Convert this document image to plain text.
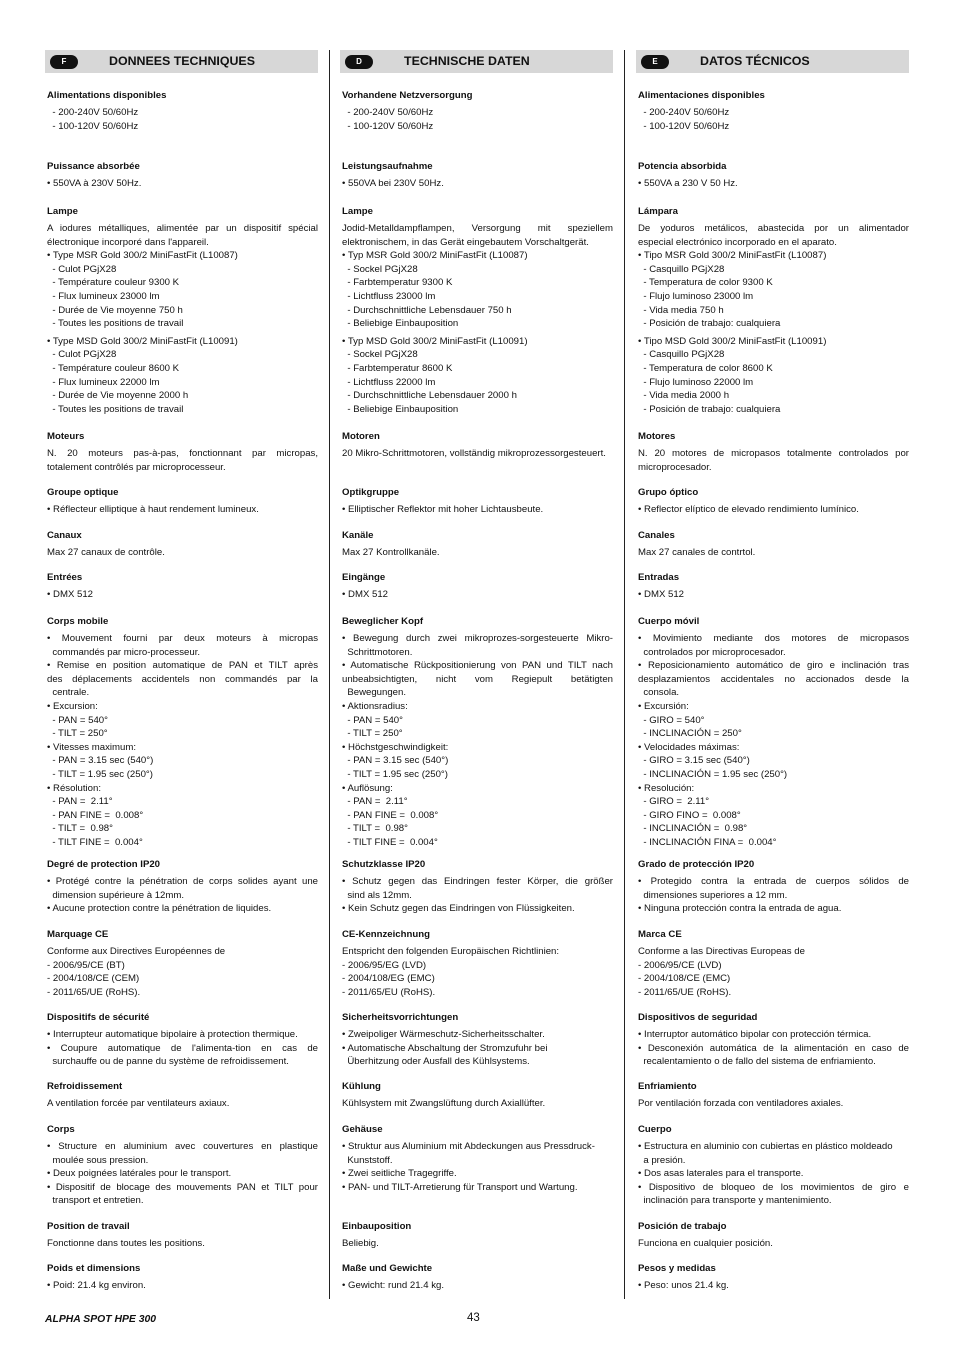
F	DONNEES TECHNIQUES
Alimentations disponibles
- 200-240V 50/60Hz
- 100-120V 50/60Hz
Puissance absorbée
• 550VA à 230V 50Hz.
Lampe
A iodures métalliques, alimentée par un dispositif spécial
électronique incorporé dans l'appareil.
• Type MSR Gold 300/2 MiniFastFit (L10087)
- Culot PGjX28
- Température couleur 9300 K
- Flux lumineux 23000 lm
- Durée de Vie moyenne 750 h
- Toutes les positions de travail
• Type MSD Gold 300/2 MiniFastFit (L10091)
- Culot PGjX28
- Température couleur 8600 K
- Flux lumineux 22000 lm
- Durée de Vie moyenne 2000 h
- Toutes les positions de travail
Moteurs
N. 20 moteurs pas-à-pas, fonctionnant par micropas,
totalement contrôlés par microprocesseur.
Groupe optique
• Réflecteur elliptique à haut rendement lumineux.
Canaux
Max 27 canaux de contrôle.
Entrées
• DMX 512
Corps mobile
• Mouvement fourni par deux moteurs à micropas
commandés par micro-processeur.
• Remise en position automatique de PAN et TILT après
des déplacements accidentels non commandés par la
centrale.
• Excursion:
- PAN = 540°
- TILT = 250°
• Vitesses maximum:
- PAN = 3.15 sec (540°)
- TILT = 1.95 sec (250°)
• Résolution:
- PAN =  2.11°
- PAN FINE =  0.008°
- TILT =  0.98°
- TILT FINE =  0.004°
Degré de protection IP20
• Protégé contre la pénétration de corps solides ayant une
dimension supérieure à 12mm.
• Aucune protection contre la pénétration de liquides.
Marquage CE
Conforme aux Directives Européennes de
- 2006/95/CE (BT)
- 2004/108/CE (CEM)
- 2011/65/UE (RoHS).
Dispositifs de sécurité
• Interrupteur automatique bipolaire à protection thermique.
• Coupure automatique de l'alimenta-tion en cas de
surchauffe ou de panne du système de refroidissement.
Refroidissement
A ventilation forcée par ventilateurs axiaux.
Corps
• Structure en aluminium avec couvertures en plastique
moulée sous pression.
• Deux poignées latérales pour le transport.
• Dispositif de blocage des mouvements PAN et TILT pour
transport et entretien.
Position de travail
Fonctionne dans toutes les positions.
Poids et dimensions
• Poid: 21.4 kg environ.
D	TECHNISCHE DATEN
Vorhandene Netzversorgung
- 200-240V 50/60Hz
- 100-120V 50/60Hz
Leistungsaufnahme
• 550VA bei 230V 50Hz.
Lampe
Jodid-Metalldampflampen, Versorgung mit speziellem
elektronischem, in das Gerät eingebautem Vorschaltgerät.
• Typ MSR Gold 300/2 MiniFastFit (L10087)
- Sockel PGjX28
- Farbtemperatur 9300 K
- Lichtfluss 23000 lm
- Durchschnittliche Lebensdauer 750 h
- Beliebige Einbauposition
• Typ MSD Gold 300/2 MiniFastFit (L10091)
- Sockel PGjX28
- Farbtemperatur 8600 K
- Lichtfluss 22000 lm
- Durchschnittliche Lebensdauer 2000 h
- Beliebige Einbauposition
Motoren
20 Mikro-Schrittmotoren, vollständig mikroprozessorgesteuert.
Optikgruppe
• Elliptischer Reflektor mit hoher Lichtausbeute.
Kanäle
Max 27 Kontrollkanäle.
Eingänge
• DMX 512
Beweglicher Kopf
• Bewegung durch zwei mikroprozes-sorgesteuerte Mikro-
Schrittmotoren.
• Automatische Rückpositionierung von PAN und TILT nach
unbeabsichtigten, nicht vom Regiepult betätigten
Bewegungen.
• Aktionsradius:
- PAN = 540°
- TILT = 250°
• Höchstgeschwindigkeit:
- PAN = 3.15 sec (540°)
- TILT = 1.95 sec (250°)
• Auflösung:
- PAN =  2.11°
- PAN FINE =  0.008°
- TILT =  0.98°
- TILT FINE =  0.004°
Schutzklasse IP20
• Schutz gegen das Eindringen fester Körper, die größer
sind als 12mm.
• Kein Schutz gegen das Eindringen von Flüssigkeiten.
CE-Kennzeichnung
Entspricht den folgenden Europäischen Richtlinien:
- 2006/95/EG (LVD)
- 2004/108/EG (EMC)
- 2011/65/EU (RoHS).
Sicherheitsvorrichtungen
• Zweipoliger Wärmeschutz-Sicherheitsschalter.
• Automatische Abschaltung der Stromzufuhr bei
Überhitzung oder Ausfall des Kühlsystems.
Kühlung
Kühlsystem mit Zwangslüftung durch Axiallüfter.
Gehäuse
• Struktur aus Aluminium mit Abdeckungen aus Pressdruck-
Kunststoff.
• Zwei seitliche Tragegriffe.
• PAN- und TILT-Arretierung für Transport und Wartung.
Einbauposition
Beliebig.
Maße und Gewichte
• Gewicht: rund 21.4 kg.
E	DATOS TÉCNICOS
Alimentaciones disponibles
- 200-240V 50/60Hz
- 100-120V 50/60Hz
Potencia absorbida
• 550VA a 230 V 50 Hz.
Lámpara
De yoduros metálicos, abastecida por un alimentador
especial electrónico incorporado en el aparato.
• Tipo MSR Gold 300/2 MiniFastFit (L10087)
- Casquillo PGjX28
- Temperatura de color 9300 K
- Flujo luminoso 23000 lm
- Vida media 750 h
- Posición de trabajo: cualquiera
• Tipo MSD Gold 300/2 MiniFastFit (L10091)
- Casquillo PGjX28
- Temperatura de color 8600 K
- Flujo luminoso 22000 lm
- Vida media 2000 h
- Posición de trabajo: cualquiera
Motores
N. 20 motores de micropasos totalmente controlados por
microprocesador.
Grupo óptico
• Reflector elíptico de elevado rendimiento lumínico.
Canales
Max 27 canales de contrtol.
Entradas
• DMX 512
Cuerpo móvil
• Movimiento mediante dos motores de micropasos
controlados por microprocesador.
• Reposicionamiento automático de giro e inclinación tras
desplazamientos accidentales no accionados desde la
consola.
• Excursión:
- GIRO = 540°
- INCLINACIÓN = 250°
• Velocidades máximas:
- GIRO = 3.15 sec (540°)
- INCLINACIÓN = 1.95 sec (250°)
• Resolución:
- GIRO =  2.11°
- GIRO FINO =  0.008°
- INCLINACIÓN =  0.98°
- INCLINACIÓN FINA =  0.004°
Grado de protección IP20
• Protegido contra la entrada de cuerpos sólidos de
dimensiones superiores a 12 mm.
• Ninguna protección contra la entrada de agua.
Marca CE
Conforme a las Directivas Europeas de
- 2006/95/CE (LVD)
- 2004/108/CE (EMC)
- 2011/65/UE (RoHS).
Dispositivos de seguridad
• Interruptor automático bipolar con protección térmica.
• Desconexión automática de la alimentación en caso de
recalentamiento o de fallo del sistema de enfriamiento.
Enfriamiento
Por ventilación forzada con ventiladores axiales.
Cuerpo
• Estructura en aluminio con cubiertas en plástico moldeado
a presión.
• Dos asas laterales para el transporte.
• Dispositivo de bloqueo de los movimientos de giro e
inclinación para transporte y mantenimiento.
Posición de trabajo
Funciona en cualquier posición.
Pesos y medidas
• Peso: unos 21.4 kg.
ALPHA SPOT HPE 300	43
